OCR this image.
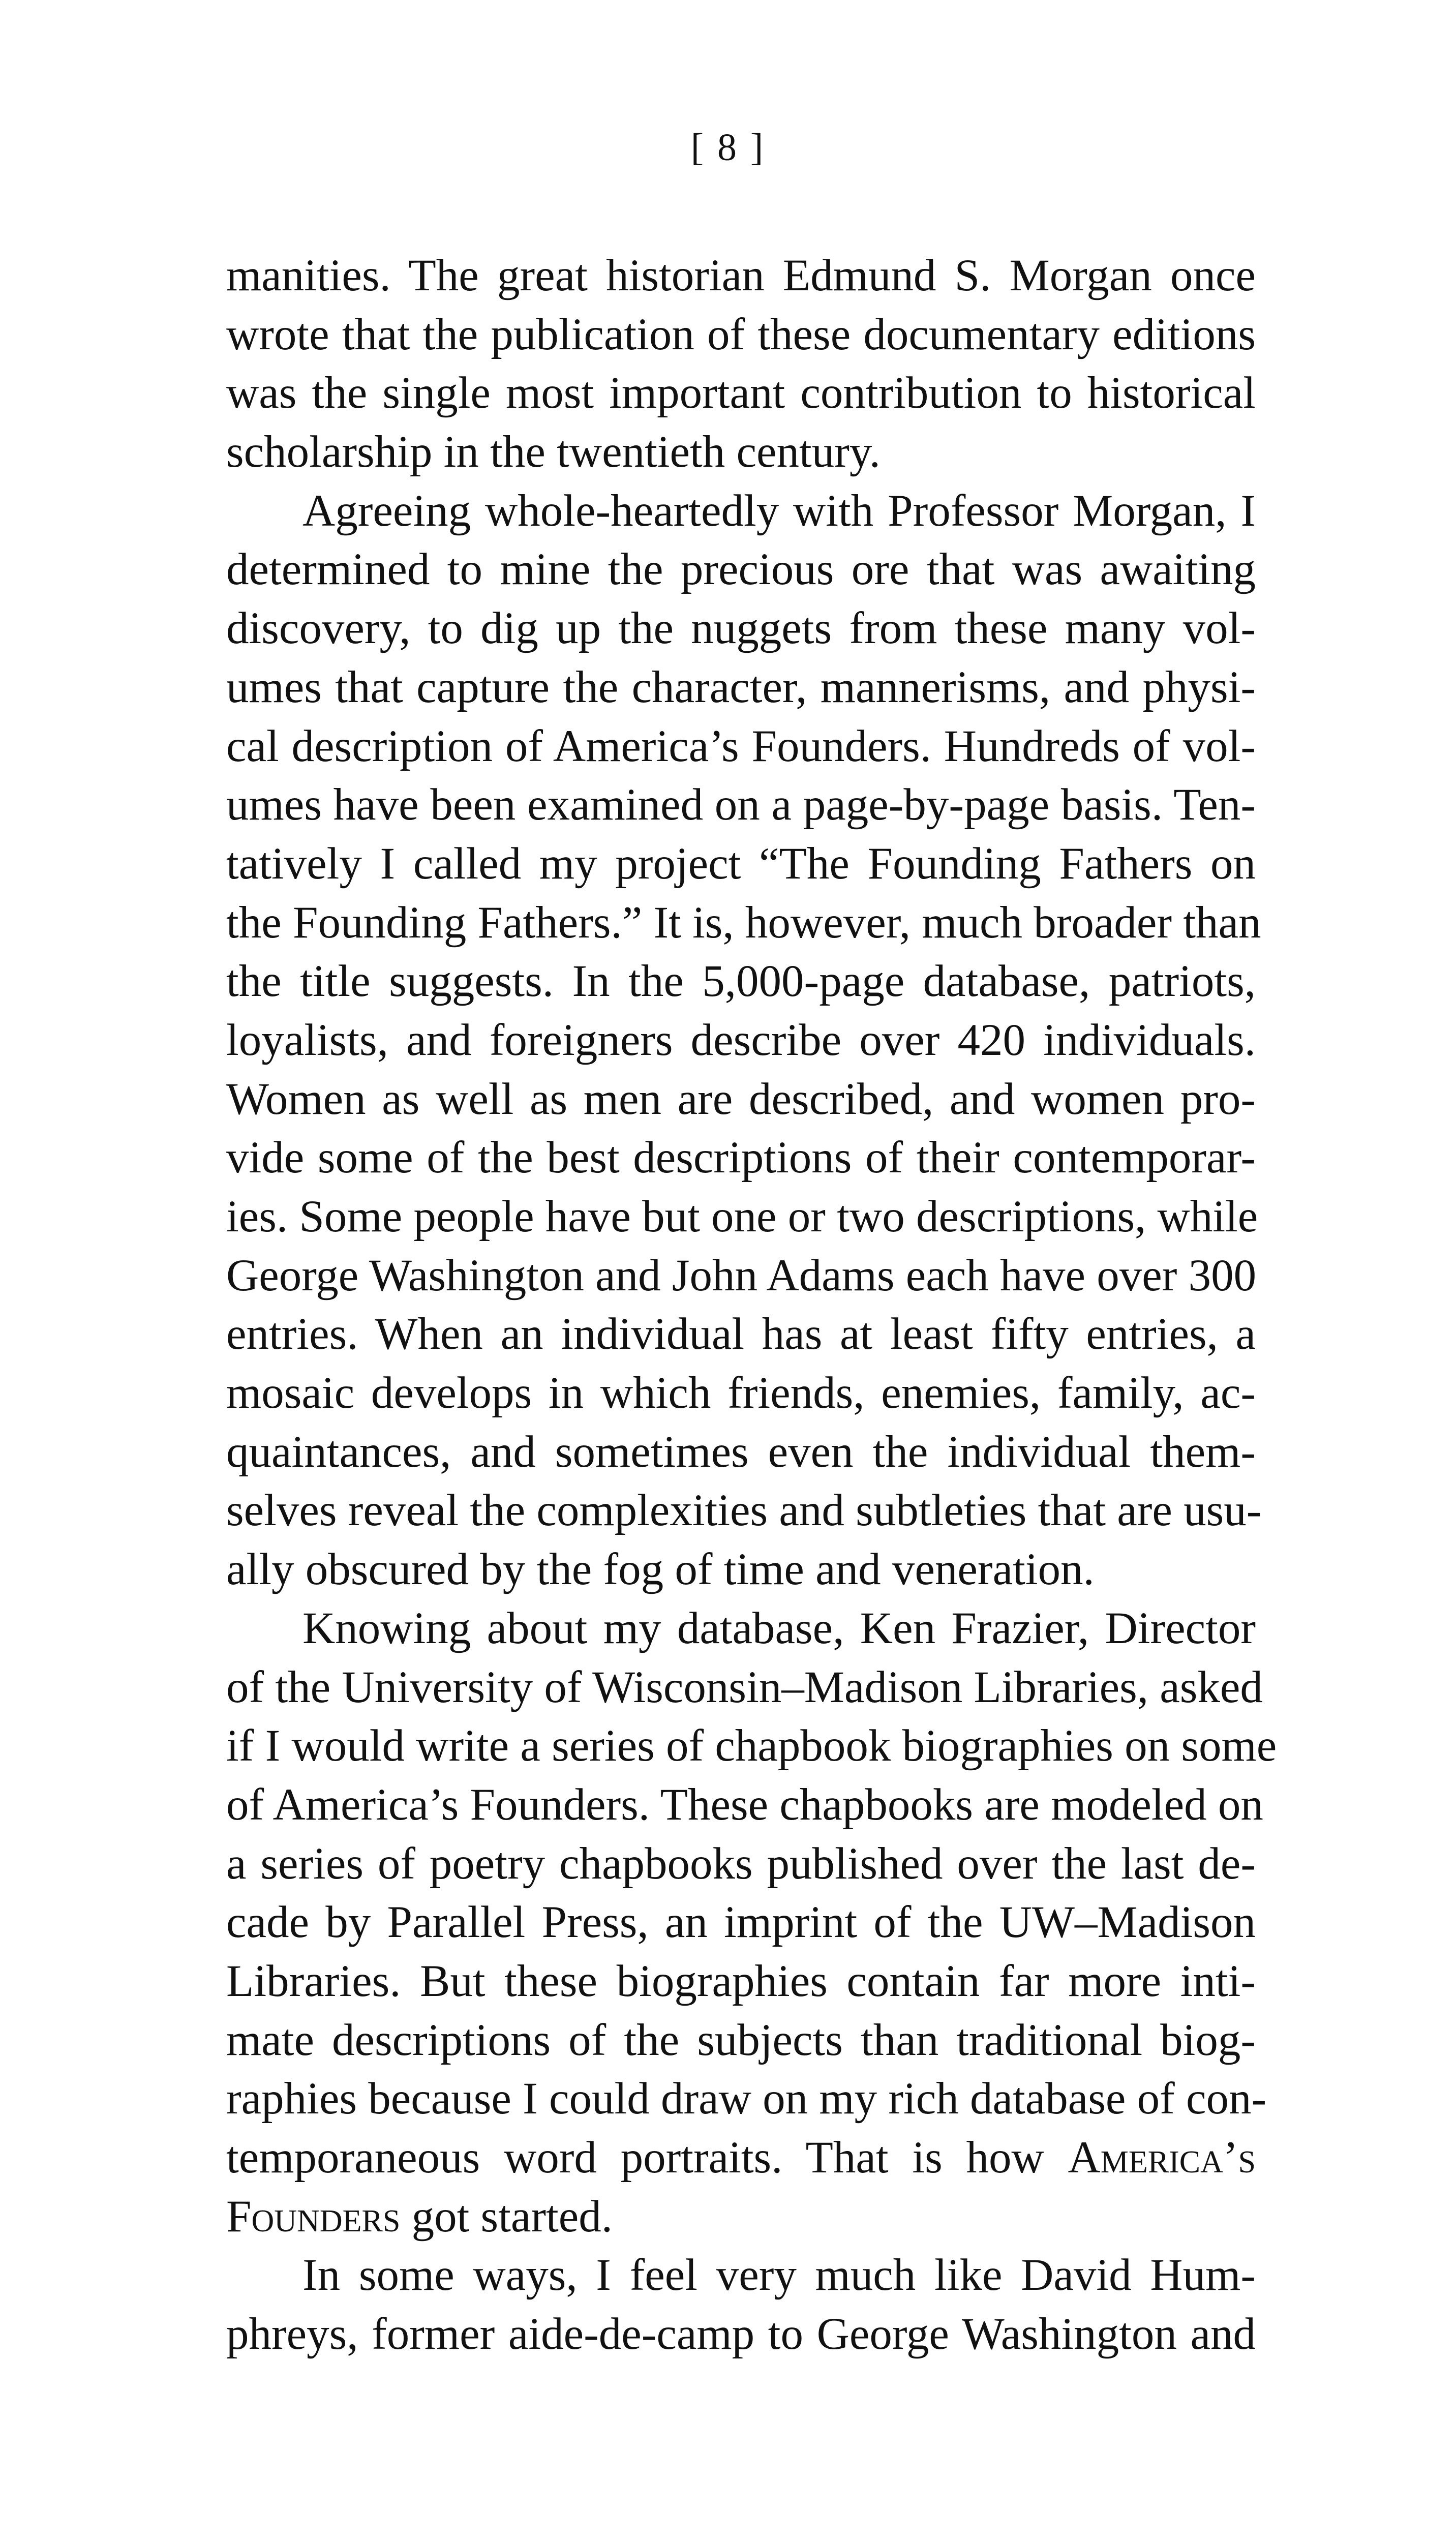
[ 8 ]
manities. The great historian Edmund S. Morgan once
wrote that the publication of these documentary editions
was the single most important contribution to historical
scholarship in the twentieth century.
Agreeing whole-heartedly with Professor Morgan, I
determined to mine the precious ore that was awaiting
discovery, to dig up the nuggets from these many vol-
umes that capture the character, mannerisms, and physi-
cal description of America’s Founders. Hundreds of vol-
umes have been examined on a page-by-page basis. Ten-
tatively I called my project “The Founding Fathers on
the Founding Fathers.” It is, however, much broader than
the title suggests. In the 5,000-page database, patriots,
loyalists, and foreigners describe over 420 individuals.
Women as well as men are described, and women pro-
vide some of the best descriptions of their contemporar-
ies. Some people have but one or two descriptions, while
George Washington and John Adams each have over 300
entries. When an individual has at least fifty entries, a
mosaic develops in which friends, enemies, family, ac-
quaintances, and sometimes even the individual them-
selves reveal the complexities and subtleties that are usu-
ally obscured by the fog of time and veneration.
Knowing about my database, Ken Frazier, Director
of the University of Wisconsin–Madison Libraries, asked
if I would write a series of chapbook biographies on some
of America’s Founders. These chapbooks are modeled on
a series of poetry chapbooks published over the last de-
cade by Parallel Press, an imprint of the UW–Madison
Libraries. But these biographies contain far more inti-
mate descriptions of the subjects than traditional biog-
raphies because I could draw on my rich database of con-
temporaneous word portraits. That is how America’s
Founders got started.
In some ways, I feel very much like David Hum-
phreys, former aide-de-camp to George Washington and
